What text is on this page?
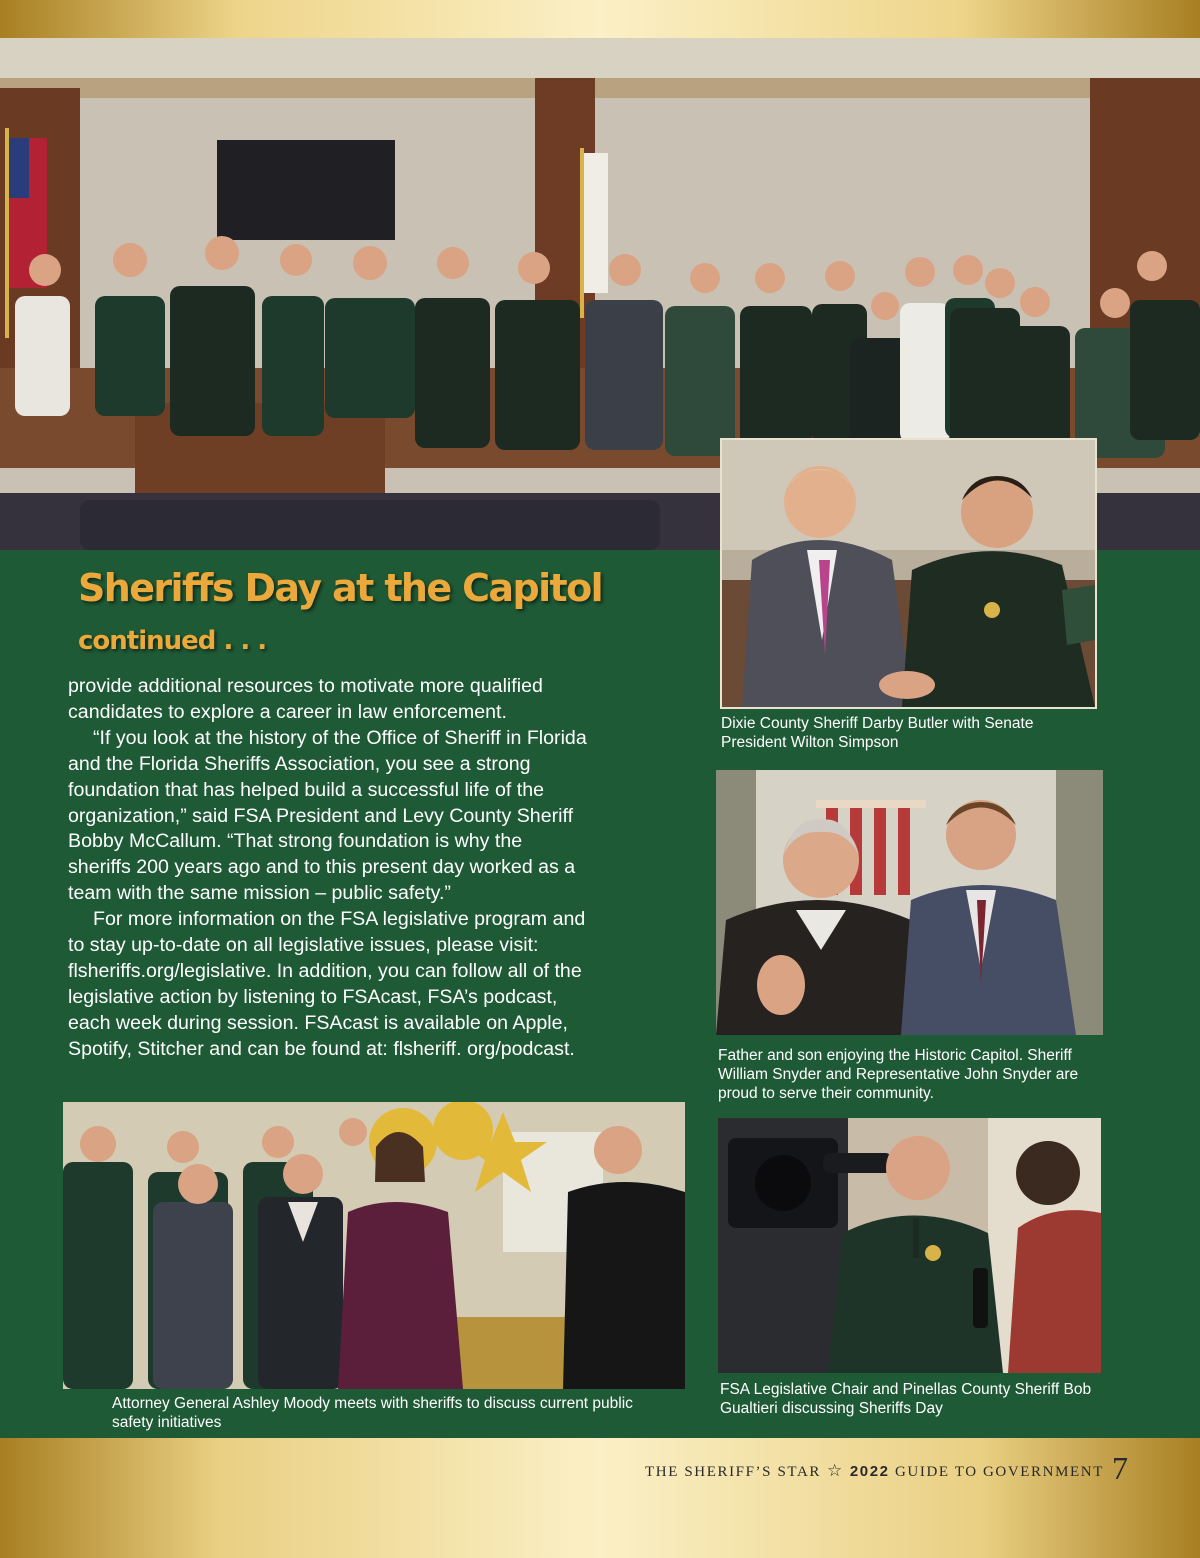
Sheriffs Day at the Capitol
continued . . .

provide additional resources to motivate more qualified candidates to explore a career in law enforcement.

“If you look at the history of the Office of Sheriff in Florida and the Florida Sheriffs Association, you see a strong foundation that has helped build a successful life of the organization,” said FSA President and Levy County Sheriff Bobby McCallum. “That strong foundation is why the sheriffs 200 years ago and to this present day worked as a team with the same mission – public safety.”

For more information on the FSA legislative program and to stay up-to-date on all legislative issues, please visit: flsheriffs.org/legislative. In addition, you can follow all of the legislative action by listening to FSAcast, FSA’s podcast, each week during session. FSAcast is available on Apple, Spotify, Stitcher and can be found at: flsheriff. org/podcast.

Dixie County Sheriff Darby Butler with Senate President Wilton Simpson
Father and son enjoying the Historic Capitol. Sheriff William Snyder and Representative John Snyder are proud to serve their community.
FSA Legislative Chair and Pinellas County Sheriff Bob Gualtieri discussing Sheriffs Day
Attorney General Ashley Moody meets with sheriffs to discuss current public safety initiatives
THE SHERIFF’S STAR ☆ 2022 GUIDE TO GOVERNMENT 7
